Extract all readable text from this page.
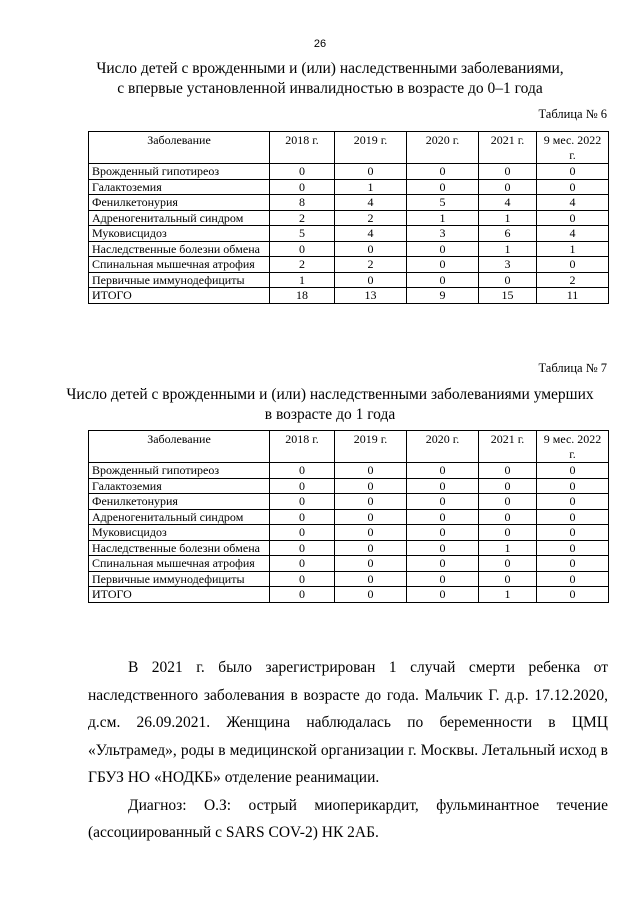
26
Число детей с врожденными и (или) наследственными заболеваниями,
с впервые установленной инвалидностью в возрасте до 0–1 года
Таблица № 6
Заболевание	2018 г.	2019 г.	2020 г.	2021 г.	9 мес. 2022 г.
Врожденный гипотиреоз	0	0	0	0	0
Галактоземия	0	1	0	0	0
Фенилкетонурия	8	4	5	4	4
Адреногенитальный синдром	2	2	1	1	0
Муковисцидоз	5	4	3	6	4
Наследственные болезни обмена	0	0	0	1	1
Спинальная мышечная атрофия	2	2	0	3	0
Первичные иммунодефициты	1	0	0	0	2
ИТОГО	18	13	9	15	11
Таблица № 7
Число детей с врожденными и (или) наследственными заболеваниями умерших
в возрасте до 1 года
Заболевание	2018 г.	2019 г.	2020 г.	2021 г.	9 мес. 2022 г.
Врожденный гипотиреоз	0	0	0	0	0
Галактоземия	0	0	0	0	0
Фенилкетонурия	0	0	0	0	0
Адреногенитальный синдром	0	0	0	0	0
Муковисцидоз	0	0	0	0	0
Наследственные болезни обмена	0	0	0	1	0
Спинальная мышечная атрофия	0	0	0	0	0
Первичные иммунодефициты	0	0	0	0	0
ИТОГО	0	0	0	1	0

В 2021 г. было зарегистрирован 1 случай смерти ребенка от наследственного заболевания в возрасте до года. Мальчик Г. д.р. 17.12.2020, д.см. 26.09.2021. Женщина наблюдалась по беременности в ЦМЦ «Ультрамед», роды в медицинской организации г. Москвы. Летальный исход в ГБУЗ НО «НОДКБ» отделение реанимации.

Диагноз: О.З: острый миоперикардит, фульминантное течение (ассоциированный с SARS COV-2) НК 2АБ.
